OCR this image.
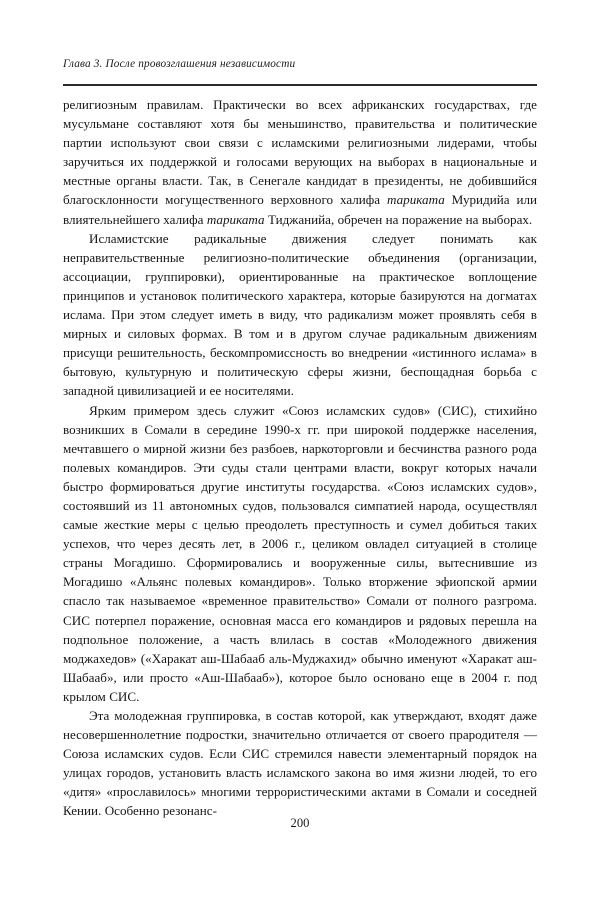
Глава 3. После провозглашения независимости

религиозным правилам. Практически во всех африканских государствах, где мусульмане составляют хотя бы меньшинство, правительства и политические партии используют свои связи с исламскими религиозными лидерами, чтобы заручиться их поддержкой и голосами верующих на выборах в национальные и местные органы власти. Так, в Сенегале кандидат в президенты, не добившийся благосклонности могущественного верховного халифа тариката Муридийа или влиятельнейшего халифа тариката Тиджанийа, обречен на поражение на выборах.

Исламистские радикальные движения следует понимать как неправительственные религиозно-политические объединения (организации, ассоциации, группировки), ориентированные на практическое воплощение принципов и установок политического характера, которые базируются на догматах ислама. При этом следует иметь в виду, что радикализм может проявлять себя в мирных и силовых формах. В том и в другом случае радикальным движениям присущи решительность, бескомпромиссность во внедрении «истинного ислама» в бытовую, культурную и политическую сферы жизни, беспощадная борьба с западной цивилизацией и ее носителями.

Ярким примером здесь служит «Союз исламских судов» (СИС), стихийно возникших в Сомали в середине 1990-х гг. при широкой поддержке населения, мечтавшего о мирной жизни без разбоев, наркоторговли и бесчинства разного рода полевых командиров. Эти суды стали центрами власти, вокруг которых начали быстро формироваться другие институты государства. «Союз исламских судов», состоявший из 11 автономных судов, пользовался симпатией народа, осуществлял самые жесткие меры с целью преодолеть преступность и сумел добиться таких успехов, что через десять лет, в 2006 г., целиком овладел ситуацией в столице страны Могадишо. Сформировались и вооруженные силы, вытеснившие из Могадишо «Альянс полевых командиров». Только вторжение эфиопской армии спасло так называемое «временное правительство» Сомали от полного разгрома. СИС потерпел поражение, основная масса его командиров и рядовых перешла на подпольное положение, а часть влилась в состав «Молодежного движения моджахедов» («Харакат аш-Шабааб аль-Муджахид» обычно именуют «Харакат аш-Шабааб», или просто «Аш-Шабааб»), которое было основано еще в 2004 г. под крылом СИС.

Эта молодежная группировка, в состав которой, как утверждают, входят даже несовершеннолетние подростки, значительно отличается от своего прародителя — Союза исламских судов. Если СИС стремился навести элементарный порядок на улицах городов, установить власть исламского закона во имя жизни людей, то его «дитя» «прославилось» многими террористическими актами в Сомали и соседней Кении. Особенно резонанс-

200
